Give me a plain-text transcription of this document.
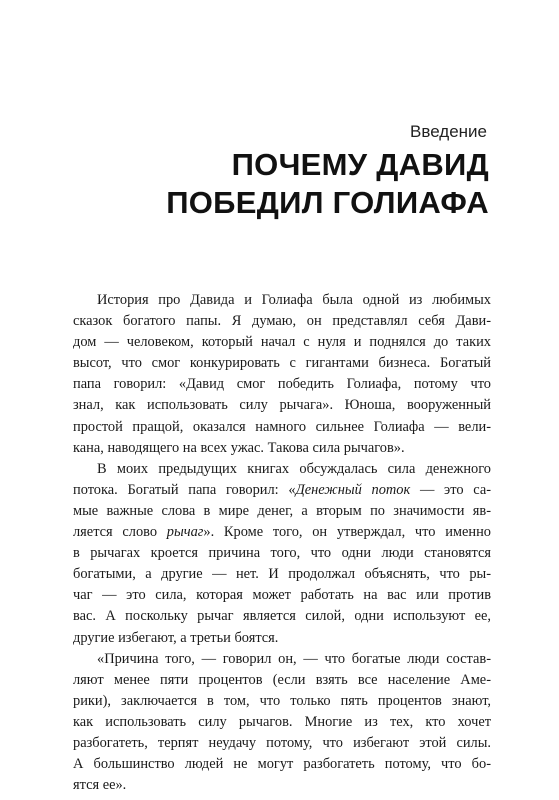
Введение
ПОЧЕМУ ДАВИД
ПОБЕДИЛ ГОЛИАФА
История про Давида и Голиафа была одной из любимых
сказок богатого папы. Я думаю, он представлял себя Дави-
дом — человеком, который начал с нуля и поднялся до таких
высот, что смог конкурировать с гигантами бизнеса. Богатый
папа говорил: «Давид смог победить Голиафа, потому что
знал, как использовать силу рычага». Юноша, вооруженный
простой пращой, оказался намного сильнее Голиафа — вели-
кана, наводящего на всех ужас. Такова сила рычагов».
В моих предыдущих книгах обсуждалась сила денежного
потока. Богатый папа говорил: «Денежный поток — это са-
мые важные слова в мире денег, а вторым по значимости яв-
ляется слово рычаг». Кроме того, он утверждал, что именно
в рычагах кроется причина того, что одни люди становятся
богатыми, а другие — нет. И продолжал объяснять, что ры-
чаг — это сила, которая может работать на вас или против
вас. А поскольку рычаг является силой, одни используют ее,
другие избегают, а третьи боятся.
«Причина того, — говорил он, — что богатые люди состав-
ляют менее пяти процентов (если взять все население Аме-
рики), заключается в том, что только пять процентов знают,
как использовать силу рычагов. Многие из тех, кто хочет
разбогатеть, терпят неудачу потому, что избегают этой силы.
А большинство людей не могут разбогатеть потому, что бо-
ятся ее».
